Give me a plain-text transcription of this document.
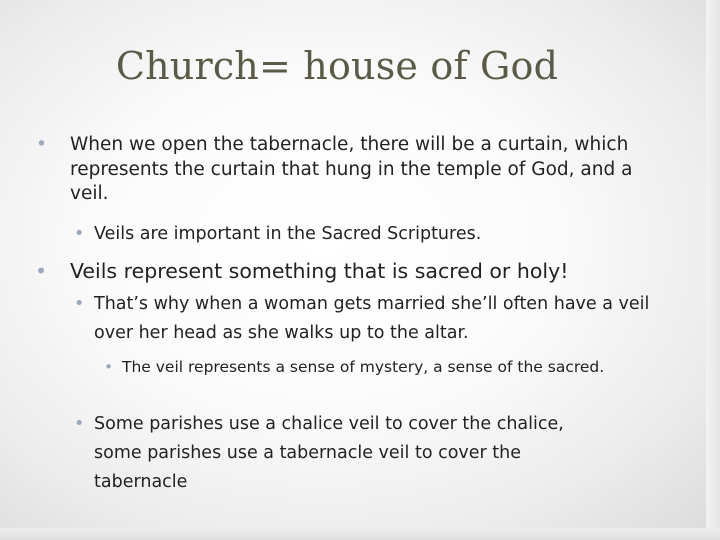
Church= house of God
• When we open the tabernacle, there will be a curtain, which represents the curtain that hung in the temple of God, and a veil.

• Veils are important in the Sacred Scriptures.

• Veils represent something that is sacred or holy!

• That’s why when a woman gets married she’ll often have a veil over her head as she walks up to the altar.

• The veil represents a sense of mystery, a sense of the sacred.

• Some parishes use a chalice veil to cover the chalice, some parishes use a tabernacle veil to cover the tabernacle
